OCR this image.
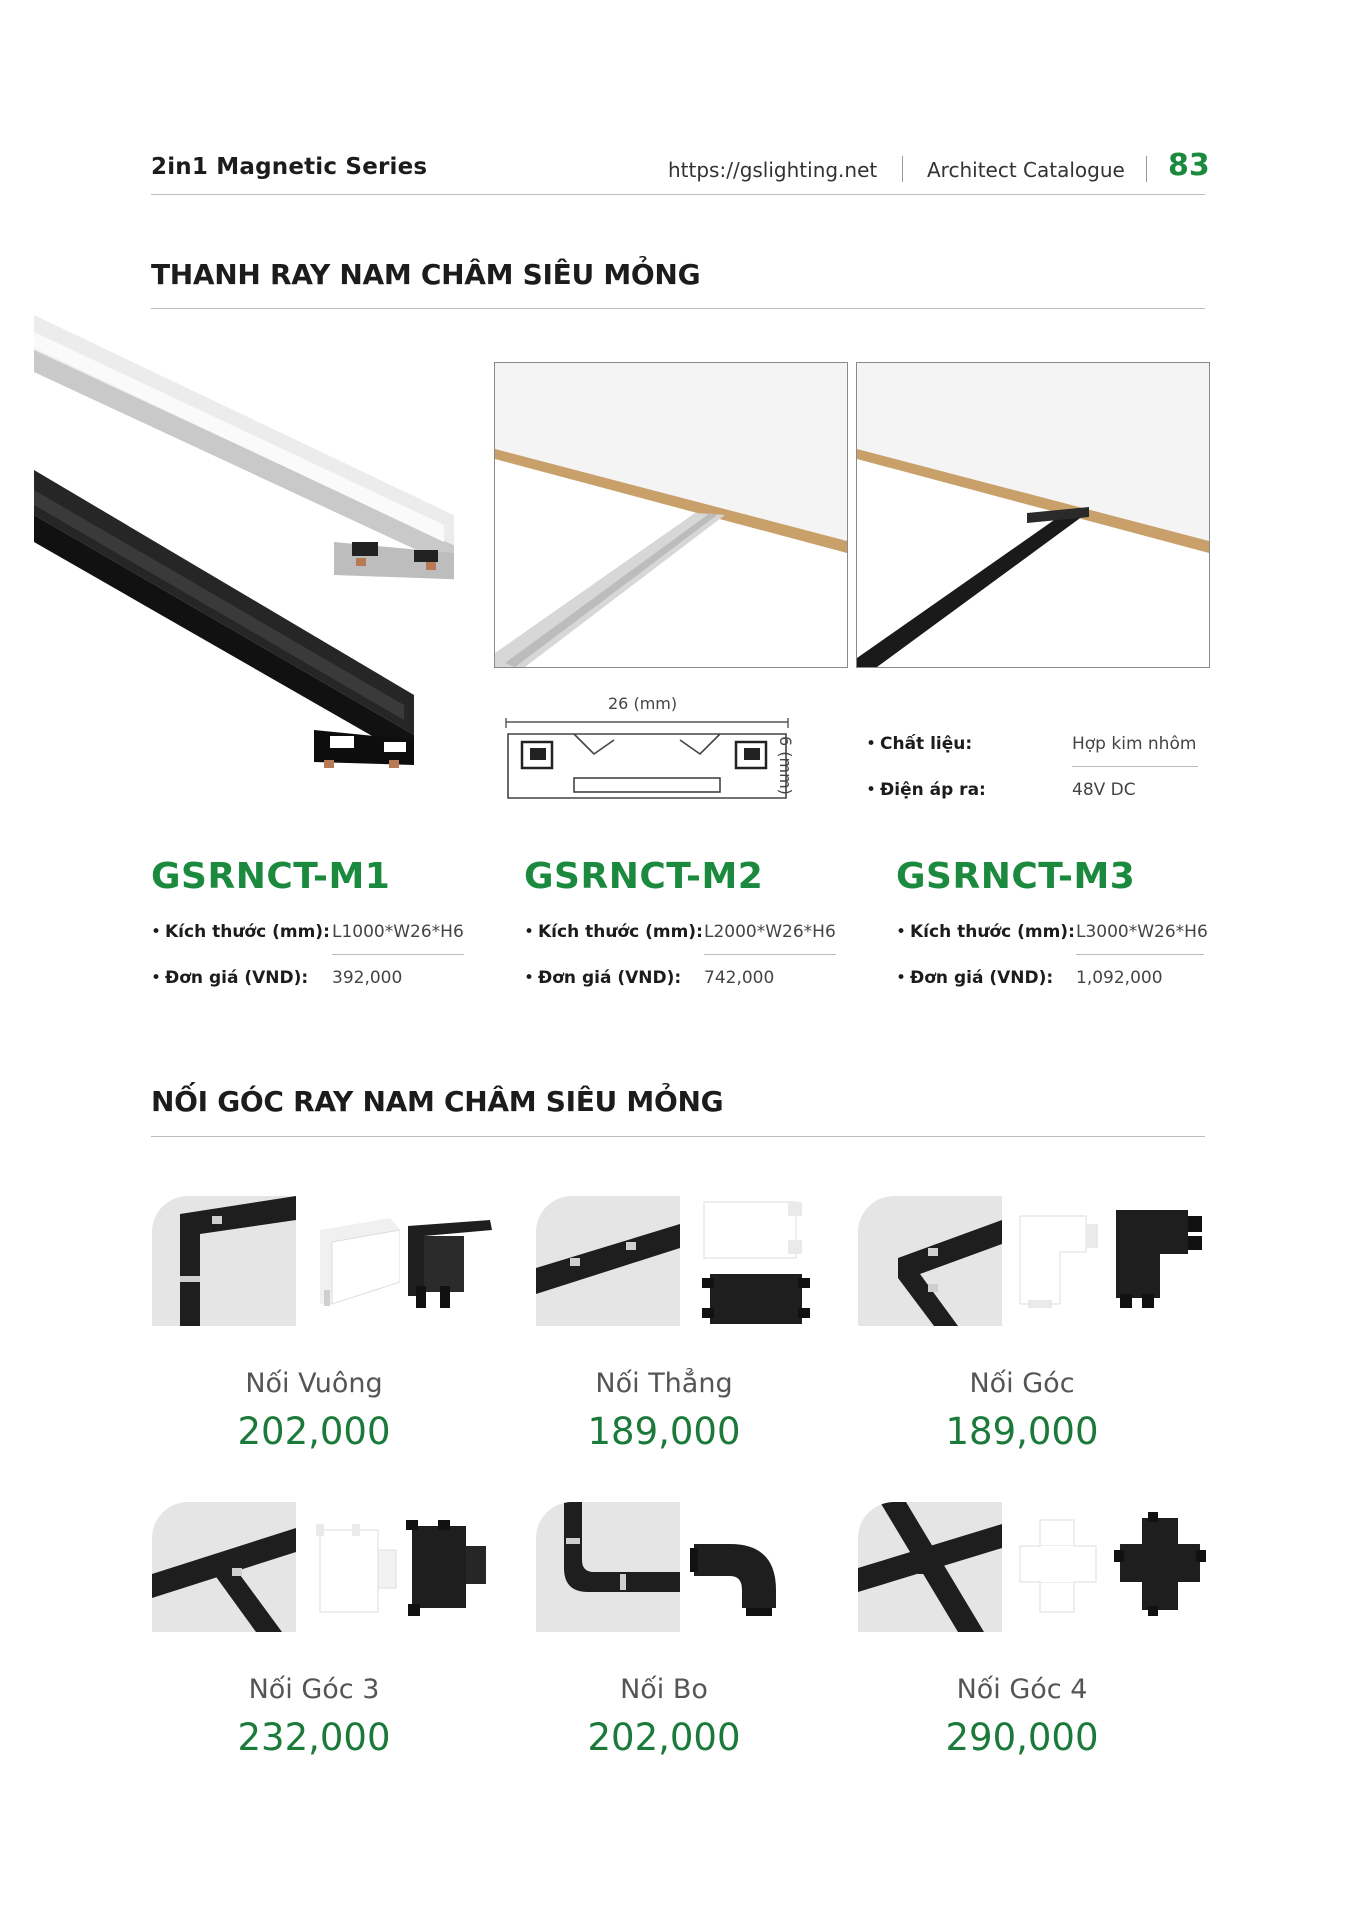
2in1 Magnetic Series	https://gslighting.net Architect Catalogue 83
THANH RAY NAM CHÂM SIÊU MỎNG
26 (mm)
6 (mm)	• Chất liệu:	Hợp kim nhôm
• Điện áp ra:	48V DC
GSRNCT-M1	GSRNCT-M2	GSRNCT-M3
• Kích thước (mm): L1000*W26*H6
• Đơn giá (VND): 392,000
• Kích thước (mm): L2000*W26*H6
• Đơn giá (VND): 742,000
• Kích thước (mm): L3000*W26*H6
• Đơn giá (VND): 1,092,000
NỐI GÓC RAY NAM CHÂM SIÊU MỎNG
Nối Vuông
202,000
Nối Thẳng
189,000
Nối Góc
189,000
Nối Góc 3
232,000
Nối Bo
202,000
Nối Góc 4
290,000
